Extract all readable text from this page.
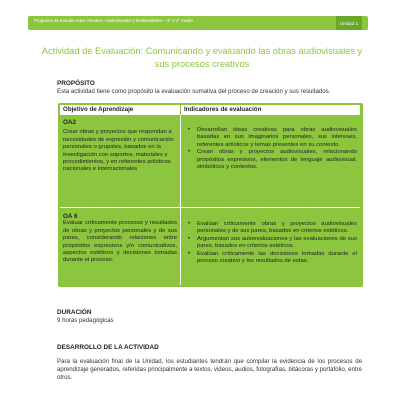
Programa de Estudio Artes Visuales, Audiovisuales y Multimediales – 3° o 4° medio	Unidad 1
Actividad de Evaluación: Comunicando y evaluando las obras audiovisuales y sus procesos creativos
PROPÓSITO
Esta actividad tiene como propósito la evaluación sumativa del proceso de creación y sus resultados.
Objetivo de Aprendizaje	Indicadores de evaluación
OA2
Crear obras y proyectos que respondan a necesidades de expresión y comunicación personales o grupales, basados en la investigación con soportes, materiales y procedimientos, y en referentes artísticos nacionales e internacionales
• Desarrollan ideas creativas para obras audiovisuales basadas en sus imaginarios personales, sus intereses, referentes artísticos y temas presentes en su contexto.
• Crean obras y proyectos audiovisuales, relacionando propósitos expresivos, elementos de lenguaje audiovisual, simbólicos y contextos.
OA 6
Evaluar críticamente procesos y resultados de obras y proyectos personales y de sus pares, considerando relaciones entre propósitos expresivos y/o comunicativos, aspectos estéticos y decisiones tomadas durante el proceso.
• Evalúan críticamente obras y proyectos audiovisuales personales y de sus pares, basados en criterios estéticos.
• Argumentan sus autoevaluaciones y las evaluaciones de sus pares, basados en criterios estéticos.
• Evalúan críticamente las decisiones tomadas durante el proceso creativo y los resultados de estas.
DURACIÓN
9 horas pedagógicas
DESARROLLO DE LA ACTIVIDAD
Para la evaluación final de la Unidad, los estudiantes tendrán que compilar la evidencia de los procesos de aprendizaje generados, referidas principalmente a textos, videos, audios, fotografías, bitácoras y portafolio, entre otros.
